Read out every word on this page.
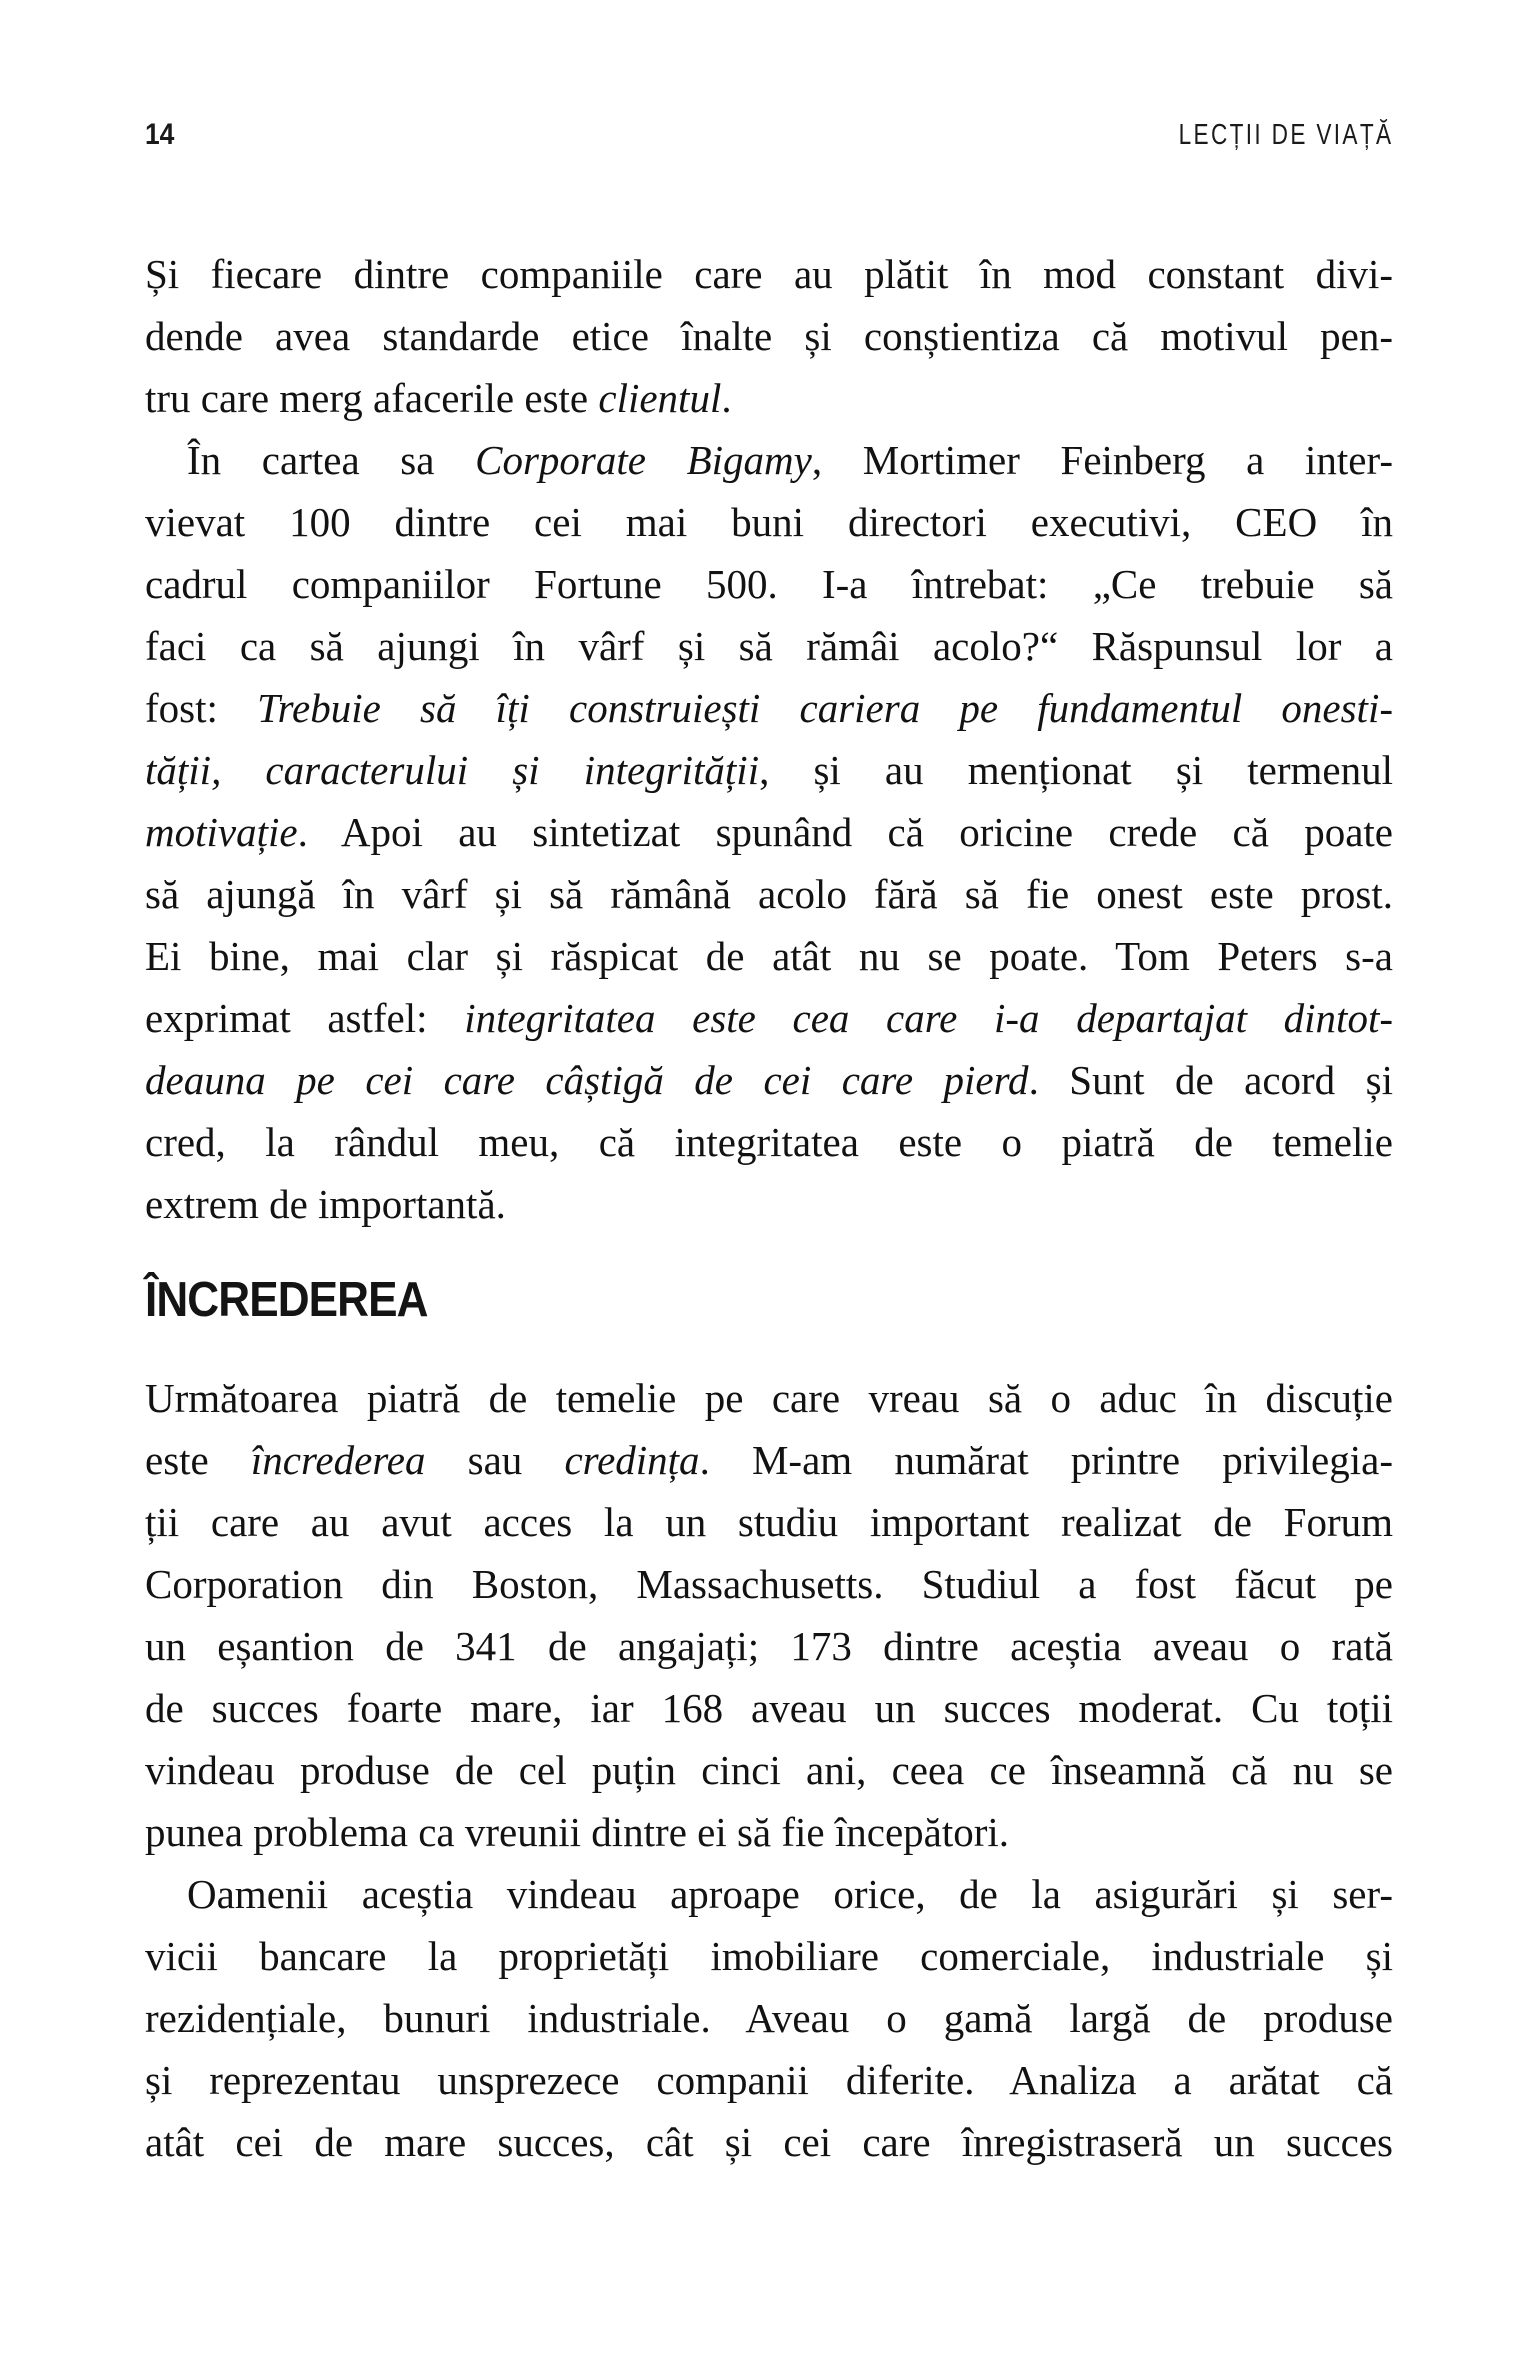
14	LECȚII DE VIAȚĂ
Și fiecare dintre companiile care au plătit în mod constant divi-
dende avea standarde etice înalte și conștientiza că motivul pen-
tru care merg afacerile este clientul.
În cartea sa Corporate Bigamy, Mortimer Feinberg a inter-
vievat 100 dintre cei mai buni directori executivi, CEO în
cadrul companiilor Fortune 500. I-a întrebat: „Ce trebuie să
faci ca să ajungi în vârf și să rămâi acolo?“ Răspunsul lor a
fost: Trebuie să îți construiești cariera pe fundamentul onesti-
tății, caracterului și integrității, și au menționat și termenul
motivație. Apoi au sintetizat spunând că oricine crede că poate
să ajungă în vârf și să rămână acolo fără să fie onest este prost.
Ei bine, mai clar și răspicat de atât nu se poate. Tom Peters s-a
exprimat astfel: integritatea este cea care i-a departajat dintot-
deauna pe cei care câștigă de cei care pierd. Sunt de acord și
cred, la rândul meu, că integritatea este o piatră de temelie
extrem de importantă.
ÎNCREDEREA
Următoarea piatră de temelie pe care vreau să o aduc în discuție
este încrederea sau credința. M-am numărat printre privilegia-
ții care au avut acces la un studiu important realizat de Forum
Corporation din Boston, Massachusetts. Studiul a fost făcut pe
un eșantion de 341 de angajați; 173 dintre aceștia aveau o rată
de succes foarte mare, iar 168 aveau un succes moderat. Cu toții
vindeau produse de cel puțin cinci ani, ceea ce înseamnă că nu se
punea problema ca vreunii dintre ei să fie începători.
Oamenii aceștia vindeau aproape orice, de la asigurări și ser-
vicii bancare la proprietăți imobiliare comerciale, industriale și
rezidențiale, bunuri industriale. Aveau o gamă largă de produse
și reprezentau unsprezece companii diferite. Analiza a arătat că
atât cei de mare succes, cât și cei care înregistraseră un succes
